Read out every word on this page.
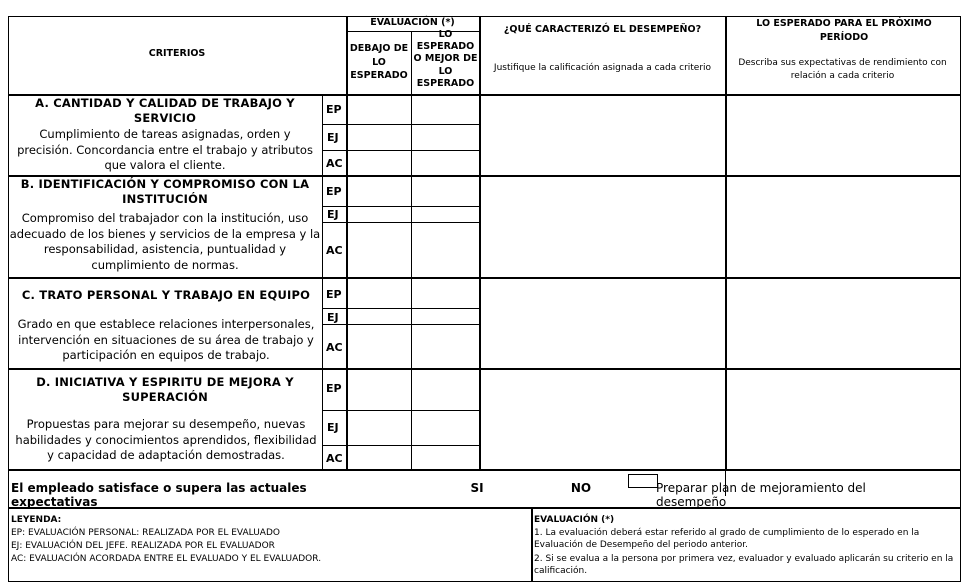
CRITERIOS
EVALUACIÓN (*)
DEBAJO DE LO ESPERADO
LO ESPERADO O MEJOR DE LO ESPERADO
¿QUÉ CARACTERIZÓ EL DESEMPEÑO?
Justifique la calificación asignada a cada criterio
LO ESPERADO PARA EL PRÓXIMO PERÍODO
Describa sus expectativas de rendimiento con relación a cada criterio
A. CANTIDAD Y CALIDAD DE TRABAJO Y SERVICIO
Cumplimiento de tareas asignadas, orden y precisión. Concordancia entre el trabajo y atributos que valora el cliente.
EP
EJ
AC
B. IDENTIFICACIÓN Y COMPROMISO CON LA INSTITUCIÓN
Compromiso del trabajador con la institución, uso adecuado de los bienes y servicios de la empresa y la responsabilidad, asistencia, puntualidad y cumplimiento de normas.
EP
EJ
AC
C. TRATO PERSONAL Y TRABAJO EN EQUIPO
Grado en que establece relaciones interpersonales, intervención en situaciones de su área de trabajo y participación en equipos de trabajo.
EP
EJ
AC
D. INICIATIVA Y ESPIRITU DE MEJORA Y SUPERACIÓN
Propuestas para mejorar su desempeño, nuevas habilidades y conocimientos aprendidos, flexibilidad y capacidad de adaptación demostradas.
EP
EJ
AC
El empleado satisface o supera las actuales expectativas
SI	NO	Preparar plan de mejoramiento del desempeño
LEYENDA:
EP: EVALUACIÓN PERSONAL: REALIZADA POR EL EVALUADO
EJ: EVALUACIÓN DEL JEFE. REALIZADA POR EL EVALUADOR
AC: EVALUACIÓN ACORDADA ENTRE EL EVALUADO Y EL EVALUADOR.
EVALUACIÓN (*)
1. La evaluación deberá estar referido al grado de cumplimiento de lo esperado en la Evaluación de Desempeño del periodo anterior.
2. Si se evalua a la persona por primera vez, evaluador y evaluado aplicarán su criterio en la calificación.
